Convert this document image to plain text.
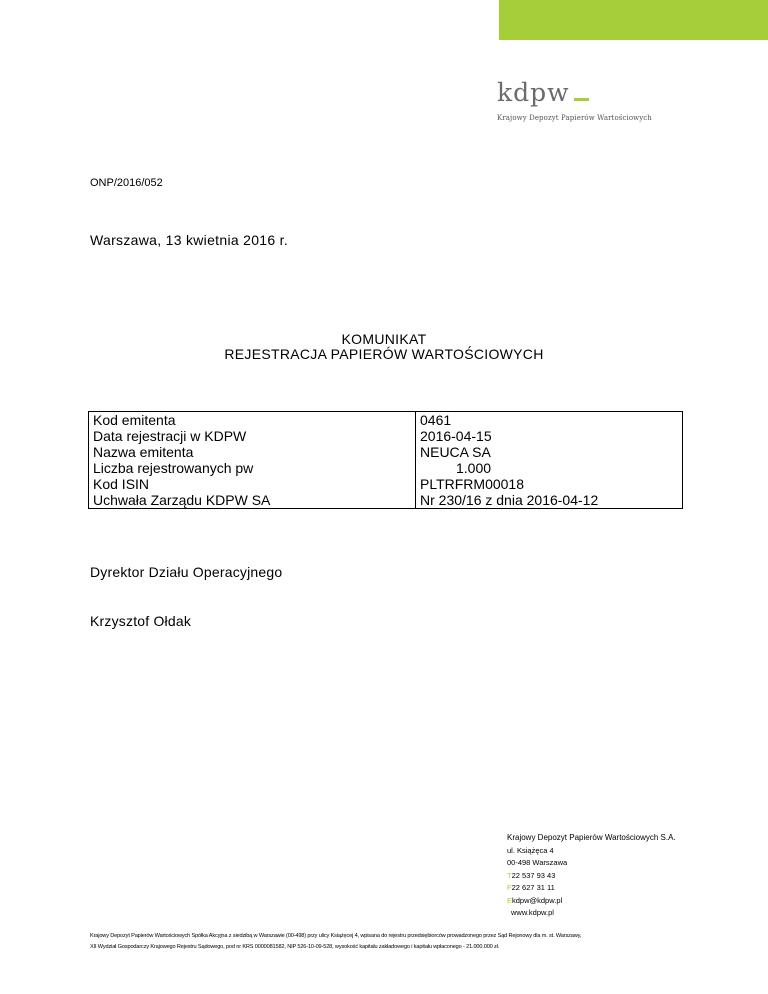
kdpw
Krajowy Depozyt Papierów Wartościowych
ONP/2016/052
Warszawa, 13 kwietnia 2016 r.
KOMUNIKAT
REJESTRACJA PAPIERÓW WARTOŚCIOWYCH
Kod emitenta	0461
Data rejestracji w KDPW	2016-04-15
Nazwa emitenta	NEUCA SA
Liczba rejestrowanych pw	1.000
Kod ISIN	PLTRFRM00018
Uchwała Zarządu KDPW SA	Nr 230/16 z dnia 2016-04-12
Dyrektor Działu Operacyjnego
Krzysztof Ołdak
Krajowy Depozyt Papierów Wartościowych S.A.
ul. Książęca 4
00-498 Warszawa
T22 537 93 43
F22 627 31 11
Ekdpw@kdpw.pl
www.kdpw.pl
Krajowy Depozyt Papierów Wartościowych Spółka Akcyjna z siedzibą w Warszawie (00-498) przy ulicy Książęcej 4, wpisana do rejestru przedsiębiorców prowadzonego przez Sąd Rejonowy dla m. st. Warszawy,
XII Wydział Gospodarczy Krajowego Rejestru Sądowego, pod nr KRS 0000081582, NIP 526-10-09-528, wysokość kapitału zakładowego i kapitału wpłaconego - 21.000.000 zł.
